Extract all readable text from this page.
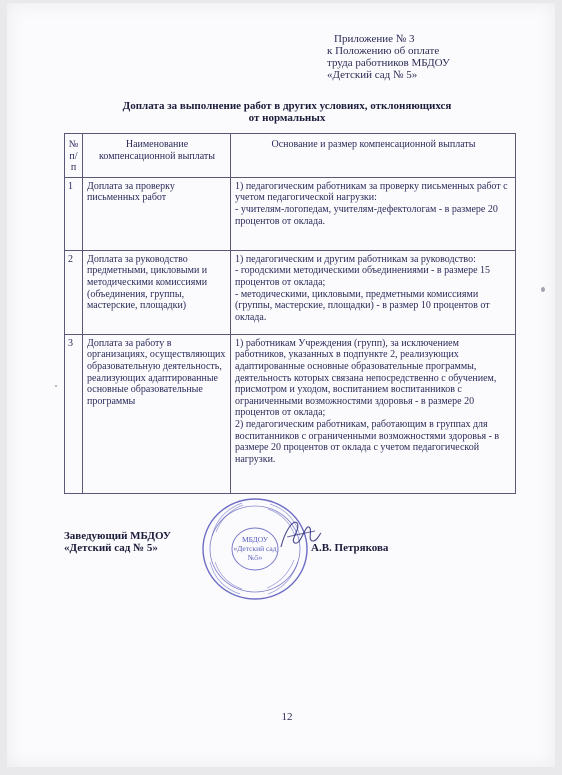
Приложение № 3
к Положению об оплате
труда работников МБДОУ
«Детский сад № 5»
Доплата за выполнение работ в других условиях, отклоняющихся
от нормальных
№ п/п	Наименование компенсационной выплаты	Основание и размер компенсационной выплаты
1	Доплата за проверку письменных работ	1) педагогическим работникам за проверку письменных работ с учетом педагогической нагрузки:
- учителям-логопедам, учителям-дефектологам - в размере 20 процентов от оклада.

2	Доплата за руководство предметными, цикловыми и методическими комиссиями (объединения, группы, мастерские, площадки)	1) педагогическим и другим работникам за руководство:
- городскими методическими объединениями - в размере 15 процентов от оклада;
- методическими, цикловыми, предметными комиссиями (группы, мастерские, площадки) - в размер 10 процентов от оклада.

3	Доплата за работу в организациях, осуществляющих образовательную деятельность, реализующих адаптированные основные образовательные программы	1) работникам Учреждения (групп), за исключением работников, указанных в подпункте 2, реализующих адаптированные основные образовательные программы, деятельность которых связана непосредственно с обучением, присмотром и уходом, воспитанием воспитанников с ограниченными возможностями здоровья - в размере 20 процентов от оклада;
2) педагогическим работникам, работающим в группах для воспитанников с ограниченными возможностями здоровья - в размере 20 процентов от оклада с учетом педагогической нагрузки.
Заведующий МБДОУ
«Детский сад № 5»	А.В. Петрякова
МБДОУ
«Детский сад
№5»
12
